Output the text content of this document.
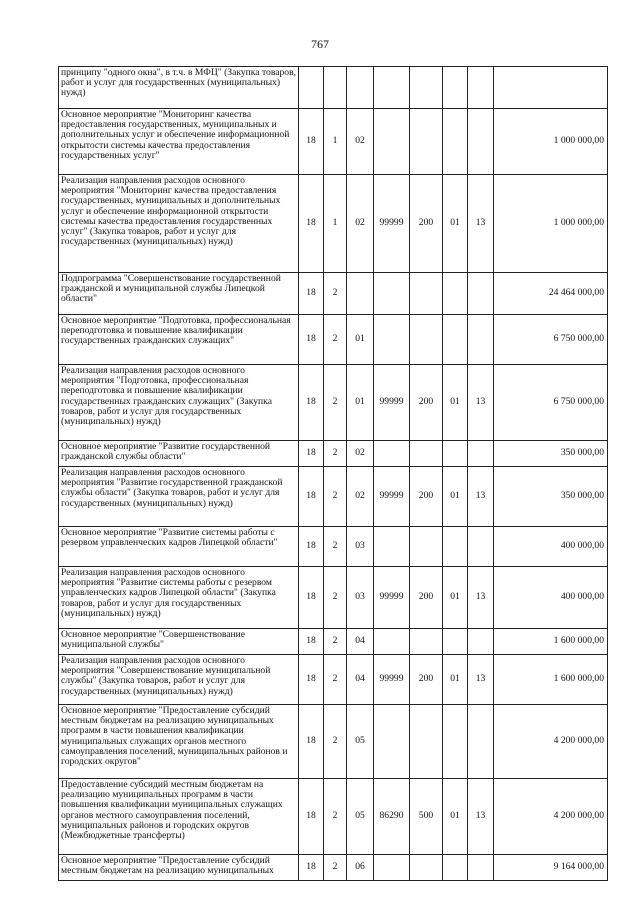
767
принципу "одного окна", в т.ч. в МФЦ" (Закупка товаров, работ и услуг для государственных (муниципальных) нужд)								
Основное мероприятие "Мониторинг качества предоставления государственных, муниципальных и дополнительных услуг и обеспечение информационной открытости системы качества предоставления государственных услуг"	18	1	02					1 000 000,00
Реализация направления расходов основного мероприятия "Мониторинг качества предоставления государственных, муниципальных и дополнительных услуг и обеспечение информационной открытости системы качества предоставления государственных услуг" (Закупка товаров, работ и услуг для государственных (муниципальных) нужд)	18	1	02	99999	200	01	13	1 000 000,00
Подпрограмма "Совершенствование государственной гражданской и муниципальной службы Липецкой области"	18	2						24 464 000,00
Основное мероприятие "Подготовка, профессиональная переподготовка и повышение квалификации государственных гражданских служащих"	18	2	01					6 750 000,00
Реализация направления расходов основного мероприятия "Подготовка, профессиональная переподготовка и повышение квалификации государственных гражданских служащих" (Закупка товаров, работ и услуг для государственных (муниципальных) нужд)	18	2	01	99999	200	01	13	6 750 000,00
Основное мероприятие "Развитие государственной гражданской службы области"	18	2	02					350 000,00
Реализация направления расходов основного мероприятия "Развитие государственной гражданской службы области" (Закупка товаров, работ и услуг для государственных (муниципальных) нужд)	18	2	02	99999	200	01	13	350 000,00
Основное мероприятие "Развитие системы работы с резервом управленческих кадров Липецкой области"	18	2	03					400 000,00
Реализация направления расходов основного мероприятия "Развитие системы работы с резервом управленческих кадров Липецкой области" (Закупка товаров, работ и услуг для государственных (муниципальных) нужд)	18	2	03	99999	200	01	13	400 000,00
Основное мероприятие "Совершенствование муниципальной службы"	18	2	04					1 600 000,00
Реализация направления расходов основного мероприятия "Совершенствование муниципальной службы" (Закупка товаров, работ и услуг для государственных (муниципальных) нужд)	18	2	04	99999	200	01	13	1 600 000,00
Основное мероприятие "Предоставление субсидий местным бюджетам на реализацию муниципальных программ в части повышения квалификации муниципальных служащих органов местного самоуправления поселений, муниципальных районов и городских округов"	18	2	05					4 200 000,00
Предоставление субсидий местным бюджетам на реализацию муниципальных программ в части повышения квалификации муниципальных служащих органов местного самоуправления поселений, муниципальных районов и городских округов (Межбюджетные трансферты)	18	2	05	86290	500	01	13	4 200 000,00
Основное мероприятие "Предоставление субсидий местным бюджетам на реализацию муниципальных	18	2	06					9 164 000,00
